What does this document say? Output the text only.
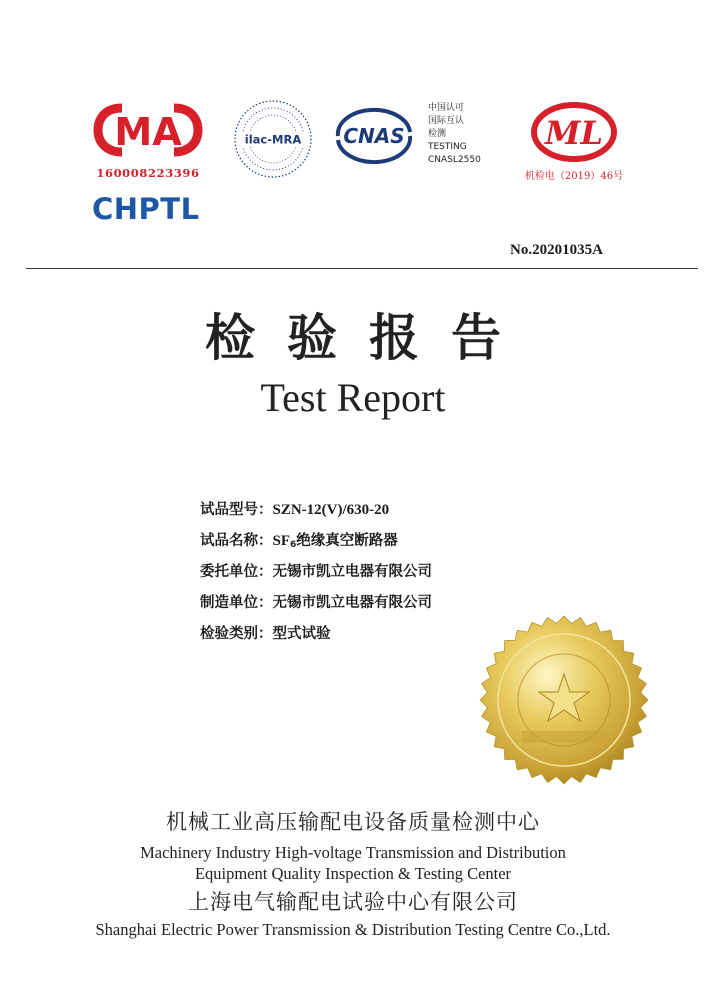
MA
160008223396
CHPTL
ilac-MRA CNAS
中国认可
国际互认
检测
TESTING
CNASL2550
ML
机检电（2019）46号
No.20201035A
检验报告
Test Report
试品型号： SZN-12(V)/630-20
试品名称： $SF_6$绝缘真空断路器
委托单位： 无锡市凯立电器有限公司
制造单位： 无锡市凯立电器有限公司
检验类别： 型式试验
机械工业高压输配电设备质量检测中心
Machinery Industry High-voltage Transmission and Distribution
Equipment Quality Inspection & Testing Center
上海电气输配电试验中心有限公司
Shanghai Electric Power Transmission & Distribution Testing Centre Co.,Ltd.
